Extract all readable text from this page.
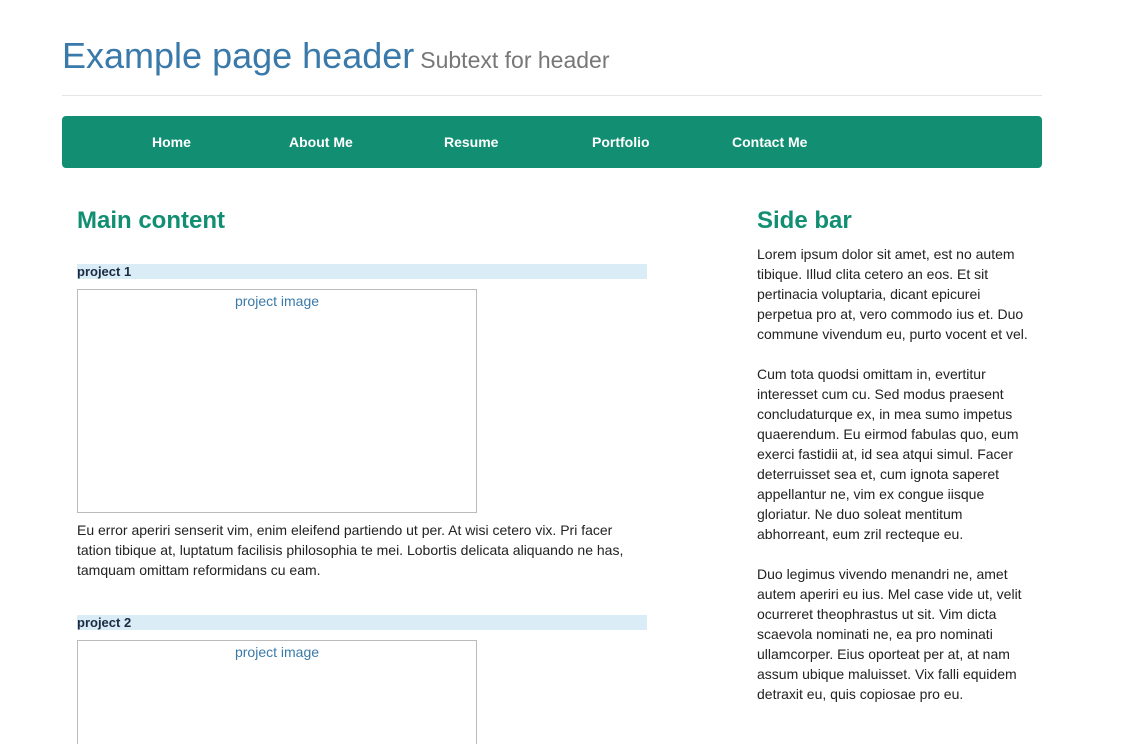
Example page header Subtext for header
Home	About Me	Resume	Portfolio	Contact Me
Main content
project 1
project image
Eu error aperiri senserit vim, enim eleifend partiendo ut per. At wisi cetero vix. Pri facer tation tibique at, luptatum facilisis philosophia te mei. Lobortis delicata aliquando ne has, tamquam omittam reformidans cu eam.
project 2
project image
Side bar

Lorem ipsum dolor sit amet, est no autem tibique. Illud clita cetero an eos. Et sit pertinacia voluptaria, dicant epicurei perpetua pro at, vero commodo ius et. Duo commune vivendum eu, purto vocent et vel.

Cum tota quodsi omittam in, evertitur interesset cum cu. Sed modus praesent concludaturque ex, in mea sumo impetus quaerendum. Eu eirmod fabulas quo, eum exerci fastidii at, id sea atqui simul. Facer deterruisset sea et, cum ignota saperet appellantur ne, vim ex congue iisque gloriatur. Ne duo soleat mentitum abhorreant, eum zril recteque eu.

Duo legimus vivendo menandri ne, amet autem aperiri eu ius. Mel case vide ut, velit ocurreret theophrastus ut sit. Vim dicta scaevola nominati ne, ea pro nominati ullamcorper. Eius oporteat per at, at nam assum ubique maluisset. Vix falli equidem detraxit eu, quis copiosae pro eu.
